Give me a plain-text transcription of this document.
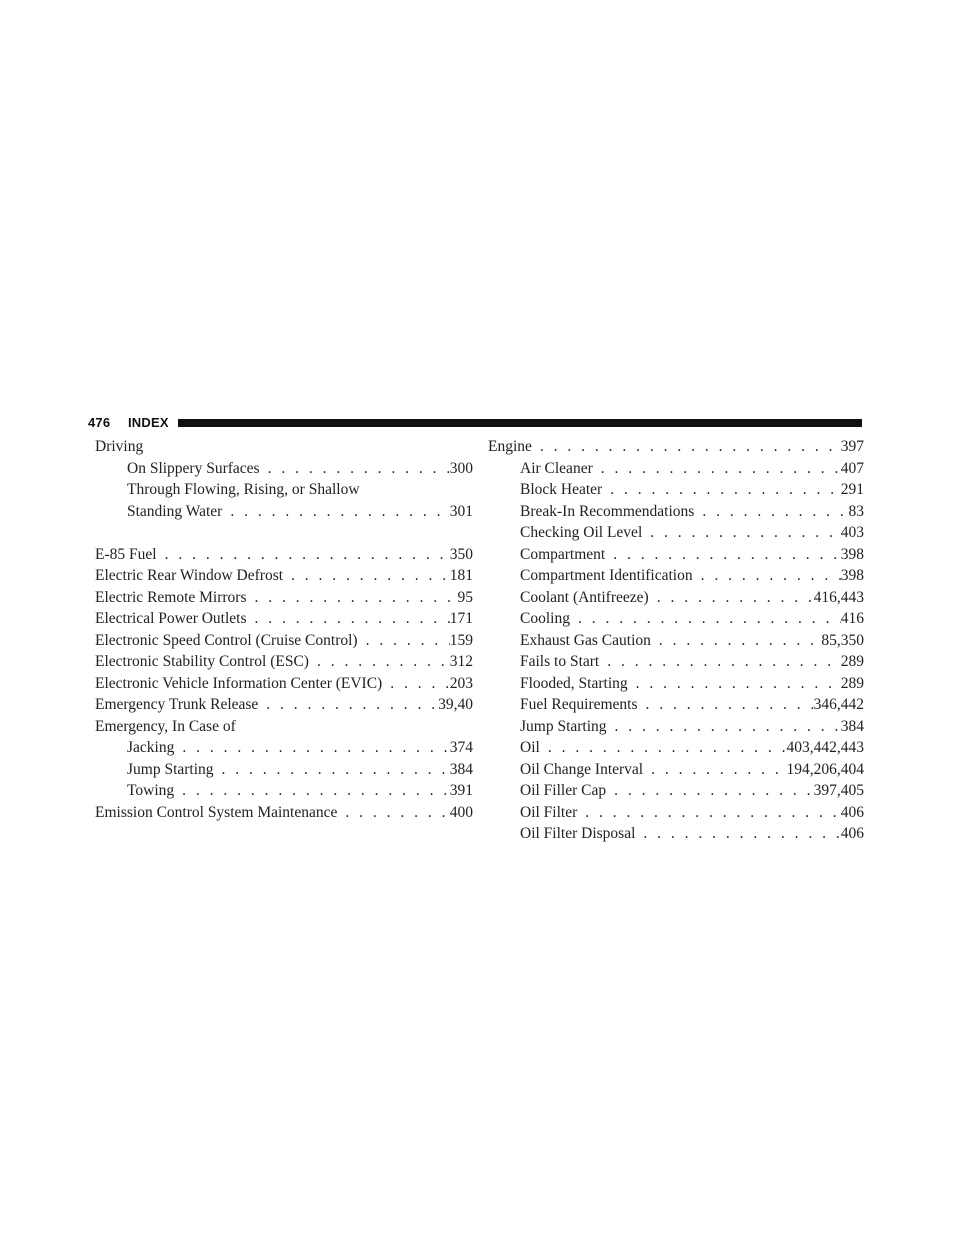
476 INDEX
Driving
On Slippery Surfaces . . .	300
Through Flowing, Rising, or Shallow
Standing Water . . .	301
E-85 Fuel . . .	350
Electric Rear Window Defrost . . .	181
Electric Remote Mirrors . . .	95
Electrical Power Outlets . . .	171
Electronic Speed Control (Cruise Control) . . .	159
Electronic Stability Control (ESC) . . .	312
Electronic Vehicle Information Center (EVIC) . . .	203
Emergency Trunk Release . . .	39,40
Emergency, In Case of
Jacking . . .	374
Jump Starting . . .	384
Towing . . .	391
Emission Control System Maintenance . . .	400
Engine . . .	397
Air Cleaner . . .	407
Block Heater . . .	291
Break-In Recommendations . . .	83
Checking Oil Level . . .	403
Compartment . . .	398
Compartment Identification . . .	398
Coolant (Antifreeze) . . .	416,443
Cooling . . .	416
Exhaust Gas Caution . . .	85,350
Fails to Start . . .	289
Flooded, Starting . . .	289
Fuel Requirements . . .	346,442
Jump Starting . . .	384
Oil . . .	403,442,443
Oil Change Interval . . .	194,206,404
Oil Filler Cap . . .	397,405
Oil Filter . . .	406
Oil Filter Disposal . . .	406
